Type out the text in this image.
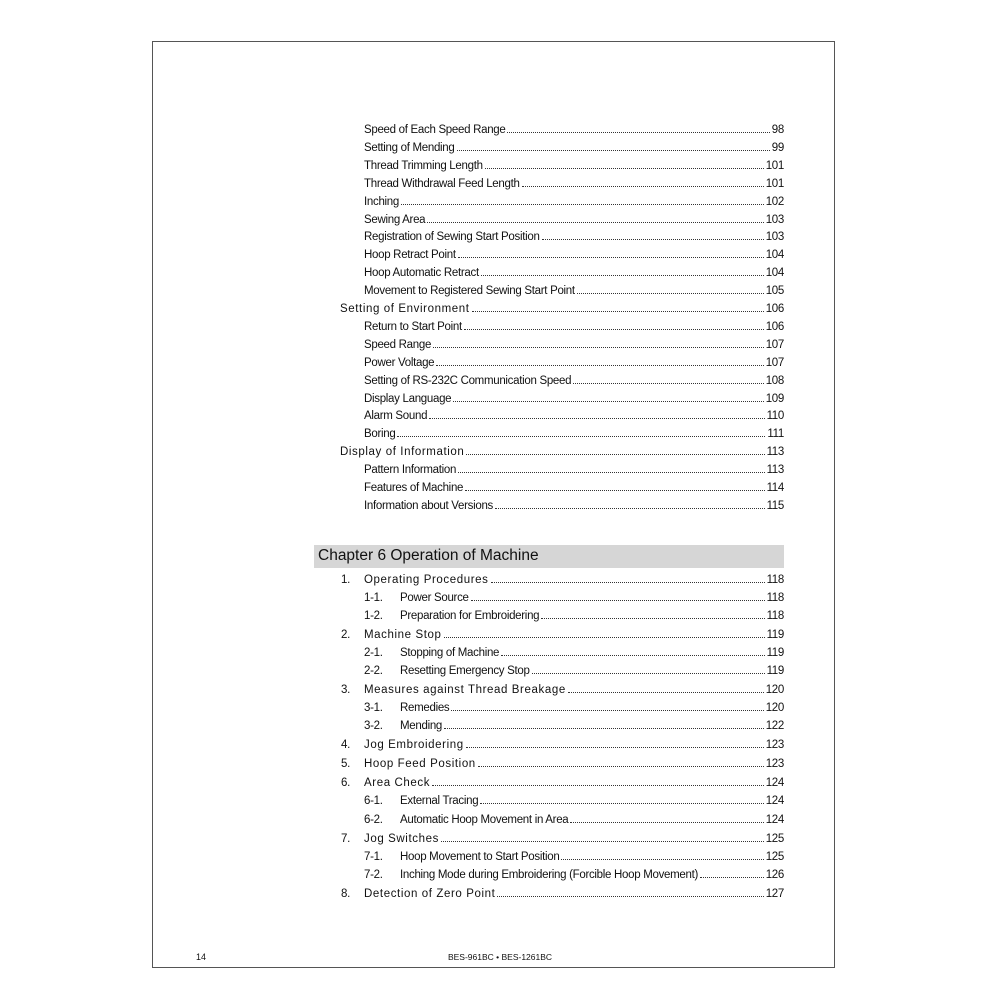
Speed of Each Speed Range	98
Setting of Mending	99
Thread Trimming Length	101
Thread Withdrawal Feed Length	101
Inching	102
Sewing Area	103
Registration of Sewing Start Position	103
Hoop Retract Point	104
Hoop Automatic Retract	104
Movement to Registered Sewing Start Point	105
Setting of Environment	106
Return to Start Point	106
Speed Range	107
Power Voltage	107
Setting of RS-232C Communication Speed	108
Display Language	109
Alarm Sound	110
Boring	111
Display of Information	113
Pattern Information	113
Features of Machine	114
Information about Versions	115
Chapter 6 Operation of Machine
1.	Operating Procedures	118
1-1.	Power Source	118
1-2.	Preparation for Embroidering	118
2.	Machine Stop	119
2-1.	Stopping of Machine	119
2-2.	Resetting Emergency Stop	119
3.	Measures against Thread Breakage	120
3-1.	Remedies	120
3-2.	Mending	122
4.	Jog Embroidering	123
5.	Hoop Feed Position	123
6.	Area Check	124
6-1.	External Tracing	124
6-2.	Automatic Hoop Movement in Area	124
7.	Jog Switches	125
7-1.	Hoop Movement to Start Position	125
7-2.	Inching Mode during Embroidering (Forcible Hoop Movement)	126
8.	Detection of Zero Point	127
14	BES-961BC • BES-1261BC
